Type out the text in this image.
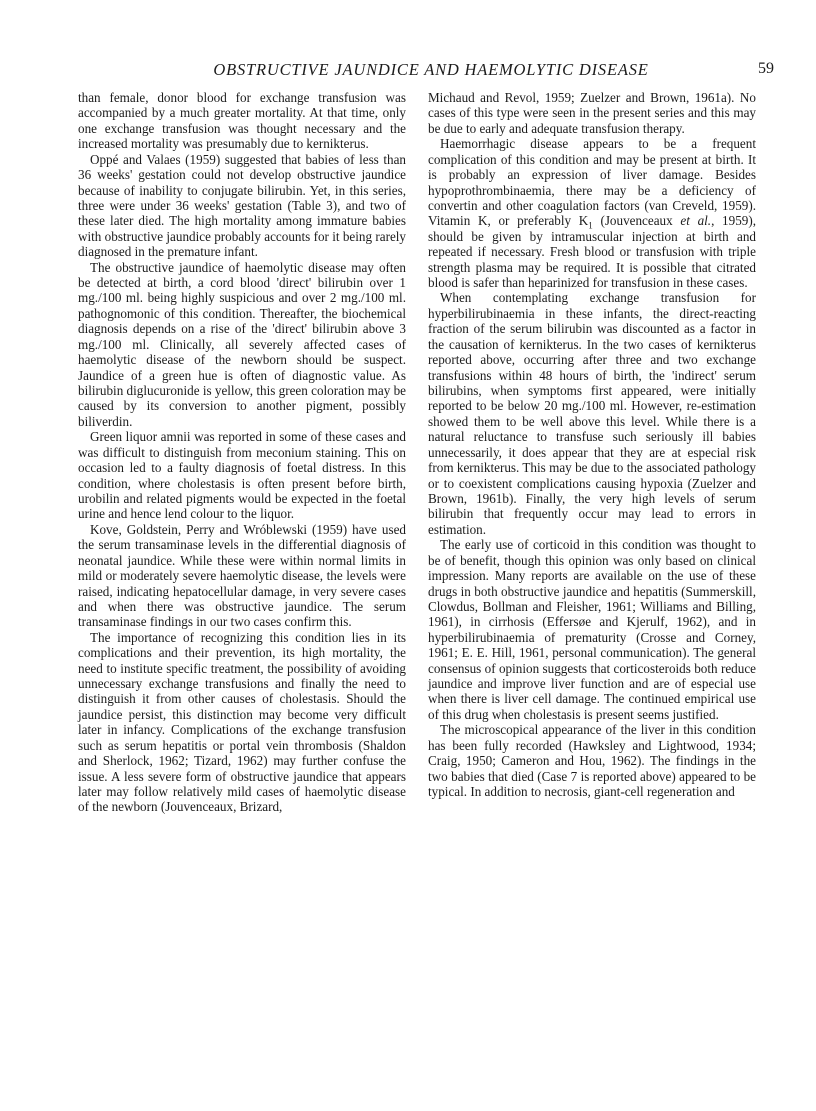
OBSTRUCTIVE JAUNDICE AND HAEMOLYTIC DISEASE	59

than female, donor blood for exchange transfusion was accompanied by a much greater mortality. At that time, only one exchange transfusion was thought necessary and the increased mortality was presumably due to kernikterus.

Oppé and Valaes (1959) suggested that babies of less than 36 weeks' gestation could not develop obstructive jaundice because of inability to conjugate bilirubin. Yet, in this series, three were under 36 weeks' gestation (Table 3), and two of these later died. The high mortality among immature babies with obstructive jaundice probably accounts for it being rarely diagnosed in the premature infant.

The obstructive jaundice of haemolytic disease may often be detected at birth, a cord blood 'direct' bilirubin over 1 mg./100 ml. being highly suspicious and over 2 mg./100 ml. pathognomonic of this condition. Thereafter, the biochemical diagnosis depends on a rise of the 'direct' bilirubin above 3 mg./100 ml. Clinically, all severely affected cases of haemolytic disease of the newborn should be suspect. Jaundice of a green hue is often of diagnostic value. As bilirubin diglucuronide is yellow, this green coloration may be caused by its conversion to another pigment, possibly biliverdin.

Green liquor amnii was reported in some of these cases and was difficult to distinguish from meconium staining. This on occasion led to a faulty diagnosis of foetal distress. In this condition, where cholestasis is often present before birth, urobilin and related pigments would be expected in the foetal urine and hence lend colour to the liquor.

Kove, Goldstein, Perry and Wróblewski (1959) have used the serum transaminase levels in the differential diagnosis of neonatal jaundice. While these were within normal limits in mild or moderately severe haemolytic disease, the levels were raised, indicating hepatocellular damage, in very severe cases and when there was obstructive jaundice. The serum transaminase findings in our two cases confirm this.

The importance of recognizing this condition lies in its complications and their prevention, its high mortality, the need to institute specific treatment, the possibility of avoiding unnecessary exchange transfusions and finally the need to distinguish it from other causes of cholestasis. Should the jaundice persist, this distinction may become very difficult later in infancy. Complications of the exchange transfusion such as serum hepatitis or portal vein thrombosis (Shaldon and Sherlock, 1962; Tizard, 1962) may further confuse the issue. A less severe form of obstructive jaundice that appears later may follow relatively mild cases of haemolytic disease of the newborn (Jouvenceaux, Brizard,

Michaud and Revol, 1959; Zuelzer and Brown, 1961a). No cases of this type were seen in the present series and this may be due to early and adequate transfusion therapy.

Haemorrhagic disease appears to be a frequent complication of this condition and may be present at birth. It is probably an expression of liver damage. Besides hypoprothrombinaemia, there may be a deficiency of convertin and other coagulation factors (van Creveld, 1959). Vitamin K, or preferably $K_1$ (Jouvenceaux et al., 1959), should be given by intramuscular injection at birth and repeated if necessary. Fresh blood or transfusion with triple strength plasma may be required. It is possible that citrated blood is safer than heparinized for transfusion in these cases.

When contemplating exchange transfusion for hyperbilirubinaemia in these infants, the direct-reacting fraction of the serum bilirubin was discounted as a factor in the causation of kernikterus. In the two cases of kernikterus reported above, occurring after three and two exchange transfusions within 48 hours of birth, the 'indirect' serum bilirubins, when symptoms first appeared, were initially reported to be below 20 mg./100 ml. However, re-estimation showed them to be well above this level. While there is a natural reluctance to transfuse such seriously ill babies unnecessarily, it does appear that they are at especial risk from kernikterus. This may be due to the associated pathology or to coexistent complications causing hypoxia (Zuelzer and Brown, 1961b). Finally, the very high levels of serum bilirubin that frequently occur may lead to errors in estimation.

The early use of corticoid in this condition was thought to be of benefit, though this opinion was only based on clinical impression. Many reports are available on the use of these drugs in both obstructive jaundice and hepatitis (Summerskill, Clowdus, Bollman and Fleisher, 1961; Williams and Billing, 1961), in cirrhosis (Effersøe and Kjerulf, 1962), and in hyperbilirubinaemia of prematurity (Crosse and Corney, 1961; E. E. Hill, 1961, personal communication). The general consensus of opinion suggests that corticosteroids both reduce jaundice and improve liver function and are of especial use when there is liver cell damage. The continued empirical use of this drug when cholestasis is present seems justified.

The microscopical appearance of the liver in this condition has been fully recorded (Hawksley and Lightwood, 1934; Craig, 1950; Cameron and Hou, 1962). The findings in the two babies that died (Case 7 is reported above) appeared to be typical. In addition to necrosis, giant-cell regeneration and
